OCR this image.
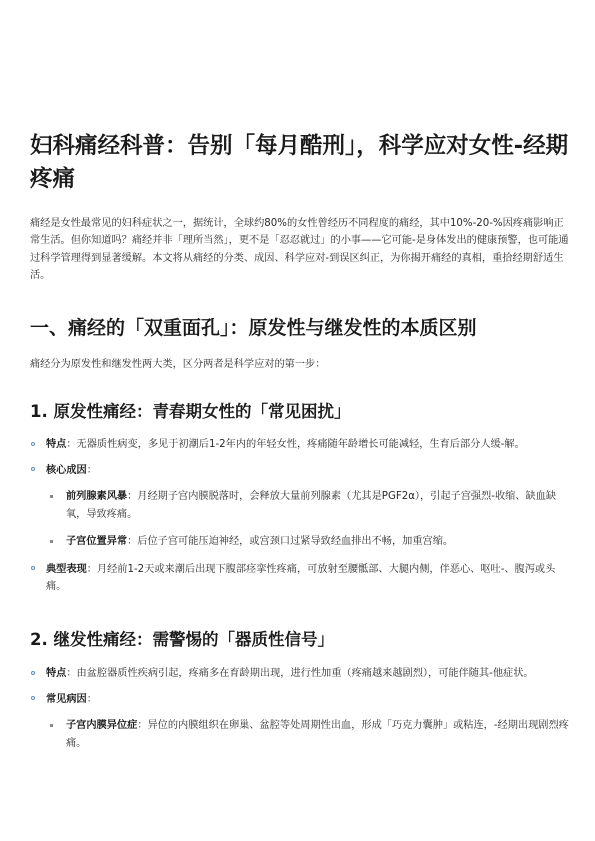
妇科痛经科普：告别「每月酷刑」，科学应对女性-经期疼痛

痛经是女性最常见的妇科症状之一，据统计，全球约80%的女性曾经历不同程度的痛经，其中10%-20-%因疼痛影响正常生活。但你知道吗？痛经并非「理所当然」，更不是「忍忍就过」的小事——它可能-是身体发出的健康预警，也可能通过科学管理得到显著缓解。本文将从痛经的分类、成因、科学应对-到误区纠正，为你揭开痛经的真相，重拾经期舒适生活。

一、痛经的「双重面孔」：原发性与继发性的本质区别

痛经分为原发性和继发性两大类，区分两者是科学应对的第一步：

1. 原发性痛经：青春期女性的「常见困扰」
特点：无器质性病变，多见于初潮后1-2年内的年轻女性，疼痛随年龄增长可能减轻，生育后部分人缓-解。
核心成因：
前列腺素风暴：月经期子宫内膜脱落时，会释放大量前列腺素（尤其是PGF2α），引起子宫强烈-收缩、缺血缺氧，导致疼痛。
子宫位置异常：后位子宫可能压迫神经，或宫颈口过紧导致经血排出不畅，加重宫缩。
典型表现：月经前1-2天或来潮后出现下腹部痉挛性疼痛，可放射至腰骶部、大腿内侧，伴恶心、呕吐-、腹泻或头痛。
2. 继发性痛经：需警惕的「器质性信号」
特点：由盆腔器质性疾病引起，疼痛多在育龄期出现，进行性加重（疼痛越来越剧烈），可能伴随其-他症状。
常见病因：
子宫内膜异位症：异位的内膜组织在卵巢、盆腔等处周期性出血，形成「巧克力囊肿」或粘连，-经期出现剧烈疼痛。
